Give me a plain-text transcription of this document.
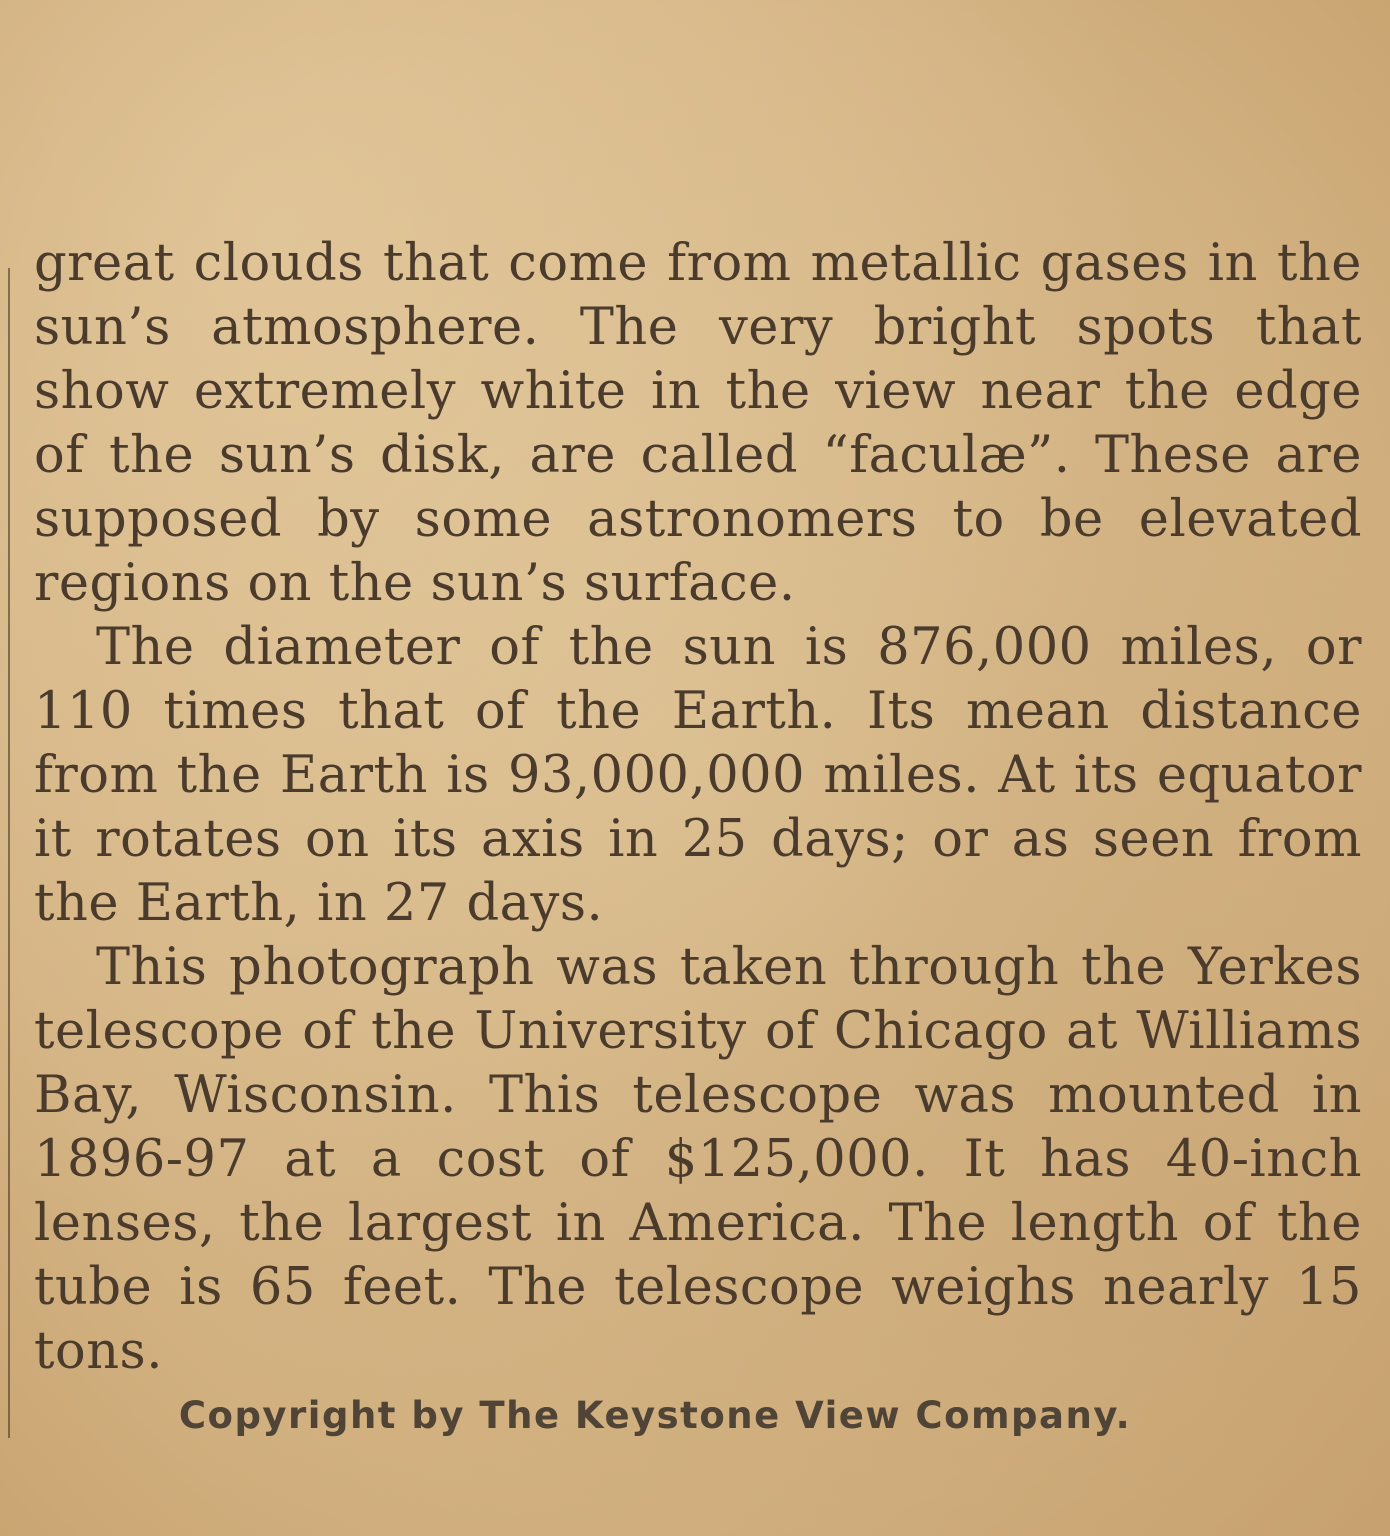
great clouds that come from metallic gases in the sun’s atmosphere. The very bright spots that show extremely white in the view near the edge of the sun’s disk, are called “faculæ”. These are supposed by some astronomers to be elevated regions on the sun’s surface.

The diameter of the sun is 876,000 miles, or 110 times that of the Earth. Its mean distance from the Earth is 93,000,000 miles. At its equator it rotates on its axis in 25 days; or as seen from the Earth, in 27 days.

This photograph was taken through the Yerkes telescope of the University of Chicago at Williams Bay, Wisconsin. This telescope was mounted in 1896-97 at a cost of $125,000. It has 40-inch lenses, the largest in America. The length of the tube is 65 feet. The telescope weighs nearly 15 tons.

Copyright by The Keystone View Company.
